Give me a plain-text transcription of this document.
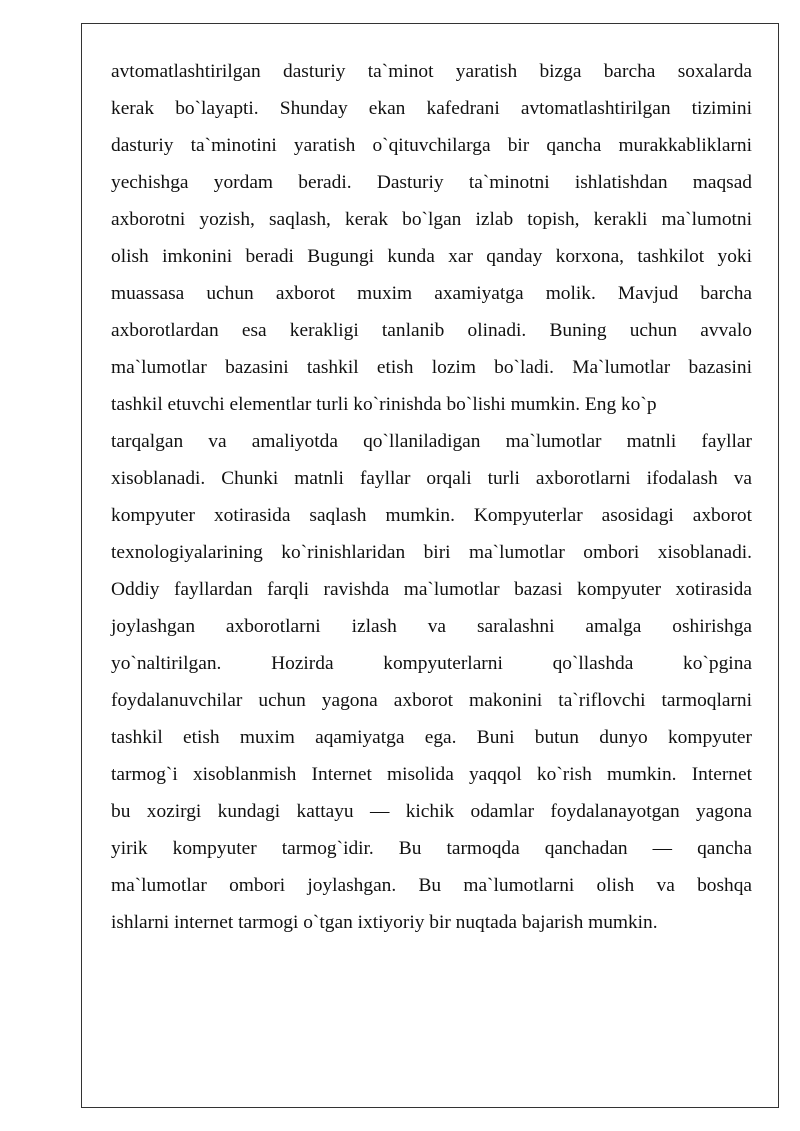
avtomatlashtirilgan dasturiy ta`minot yaratish bizga barcha soxalarda
kerak bo`layapti. Shunday ekan kafedrani avtomatlashtirilgan tizimini
dasturiy ta`minotini yaratish o`qituvchilarga bir qancha murakkabliklarni
yechishga yordam beradi. Dasturiy ta`minotni ishlatishdan maqsad
axborotni yozish, saqlash, kerak bo`lgan izlab topish, kerakli ma`lumotni
olish imkonini beradi Bugungi kunda xar qanday korxona, tashkilot yoki
muassasa uchun axborot muxim axamiyatga molik. Mavjud barcha
axborotlardan esa kerakligi tanlanib olinadi. Buning uchun avvalo
ma`lumotlar bazasini tashkil etish lozim bo`ladi. Ma`lumotlar bazasini
tashkil etuvchi elementlar turli ko`rinishda bo`lishi mumkin. Eng ko`p
tarqalgan va amaliyotda qo`llaniladigan ma`lumotlar matnli fayllar
xisoblanadi. Chunki matnli fayllar orqali turli axborotlarni ifodalash va
kompyuter xotirasida saqlash mumkin. Kompyuterlar asosidagi axborot
texnologiyalarining ko`rinishlaridan biri ma`lumotlar ombori xisoblanadi.
Oddiy fayllardan farqli ravishda ma`lumotlar bazasi kompyuter xotirasida
joylashgan axborotlarni izlash va saralashni amalga oshirishga
yo`naltirilgan. Hozirda kompyuterlarni qo`llashda ko`pgina
foydalanuvchilar uchun yagona axborot makonini ta`riflovchi tarmoqlarni
tashkil etish muxim aqamiyatga ega. Buni butun dunyo kompyuter
tarmog`i xisoblanmish Internet misolida yaqqol ko`rish mumkin. Internet
bu xozirgi kundagi kattayu — kichik odamlar foydalanayotgan yagona
yirik kompyuter tarmog`idir. Bu tarmoqda qanchadan — qancha
ma`lumotlar ombori joylashgan. Bu ma`lumotlarni olish va boshqa
ishlarni internet tarmogi o`tgan ixtiyoriy bir nuqtada bajarish mumkin.
